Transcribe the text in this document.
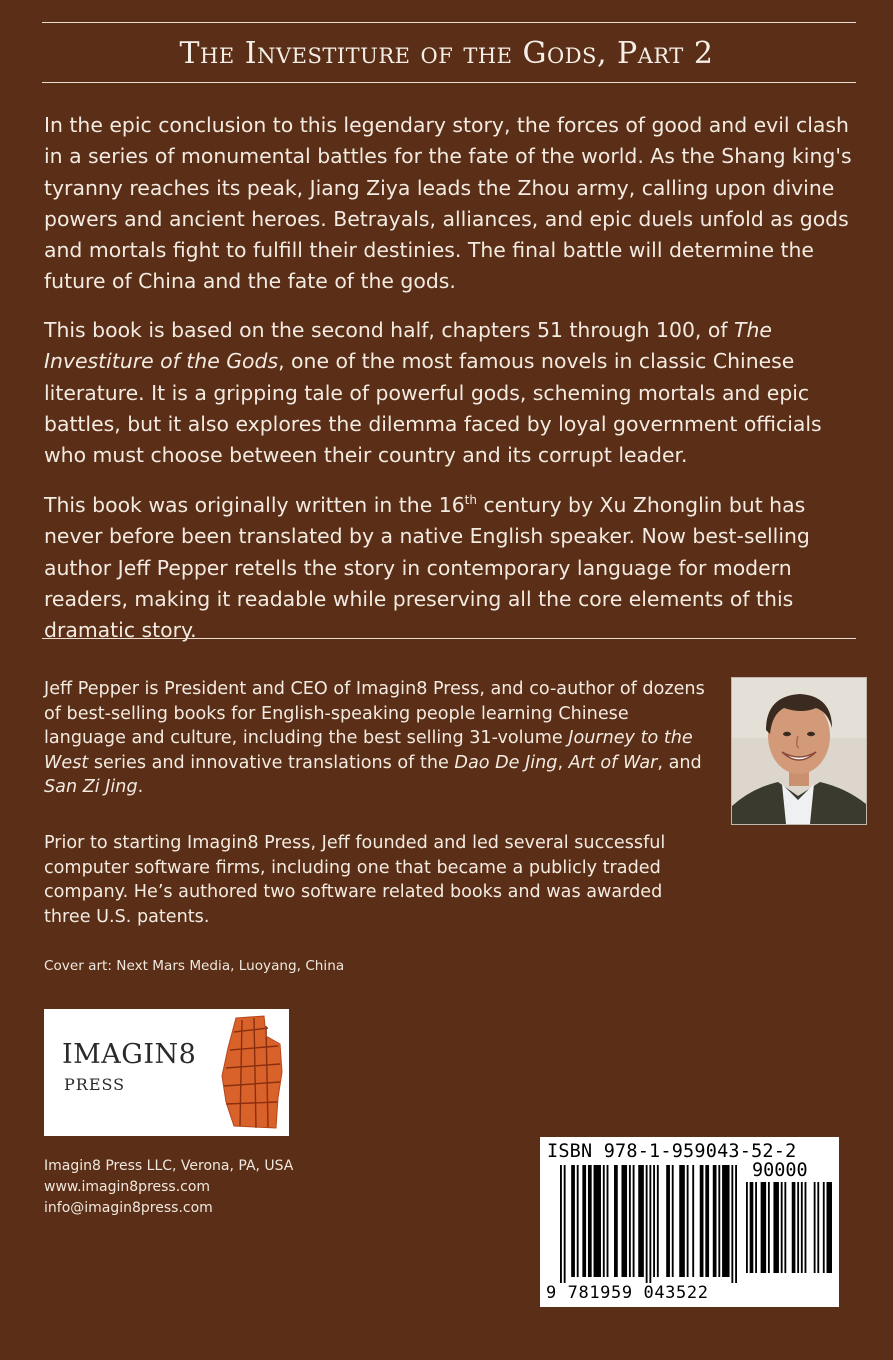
The Investiture of the Gods, Part 2

In the epic conclusion to this legendary story, the forces of good and evil clash in a series of monumental battles for the fate of the world. As the Shang king's tyranny reaches its peak, Jiang Ziya leads the Zhou army, calling upon divine powers and ancient heroes. Betrayals, alliances, and epic duels unfold as gods and mortals fight to fulfill their destinies. The final battle will determine the future of China and the fate of the gods.

This book is based on the second half, chapters 51 through 100, of The Investiture of the Gods, one of the most famous novels in classic Chinese literature. It is a gripping tale of powerful gods, scheming mortals and epic battles, but it also explores the dilemma faced by loyal government officials who must choose between their country and its corrupt leader.

This book was originally written in the 16th century by Xu Zhonglin but has never before been translated by a native English speaker. Now best-selling author Jeff Pepper retells the story in contemporary language for modern readers, making it readable while preserving all the core elements of this dramatic story.

Jeff Pepper is President and CEO of Imagin8 Press, and co-author of dozens of best-selling books for English-speaking people learning Chinese language and culture, including the best selling 31-volume Journey to the West series and innovative translations of the Dao De Jing, Art of War, and San Zi Jing.

Prior to starting Imagin8 Press, Jeff founded and led several successful computer software firms, including one that became a publicly traded company. He’s authored two software related books and was awarded three U.S. patents.

Cover art: Next Mars Media, Luoyang, China
IMAGIN8
PRESS
Imagin8 Press LLC, Verona, PA, USA
www.imagin8press.com
info@imagin8press.com
ISBN 978-1-959043-52-2
90000
9 781959 043522
